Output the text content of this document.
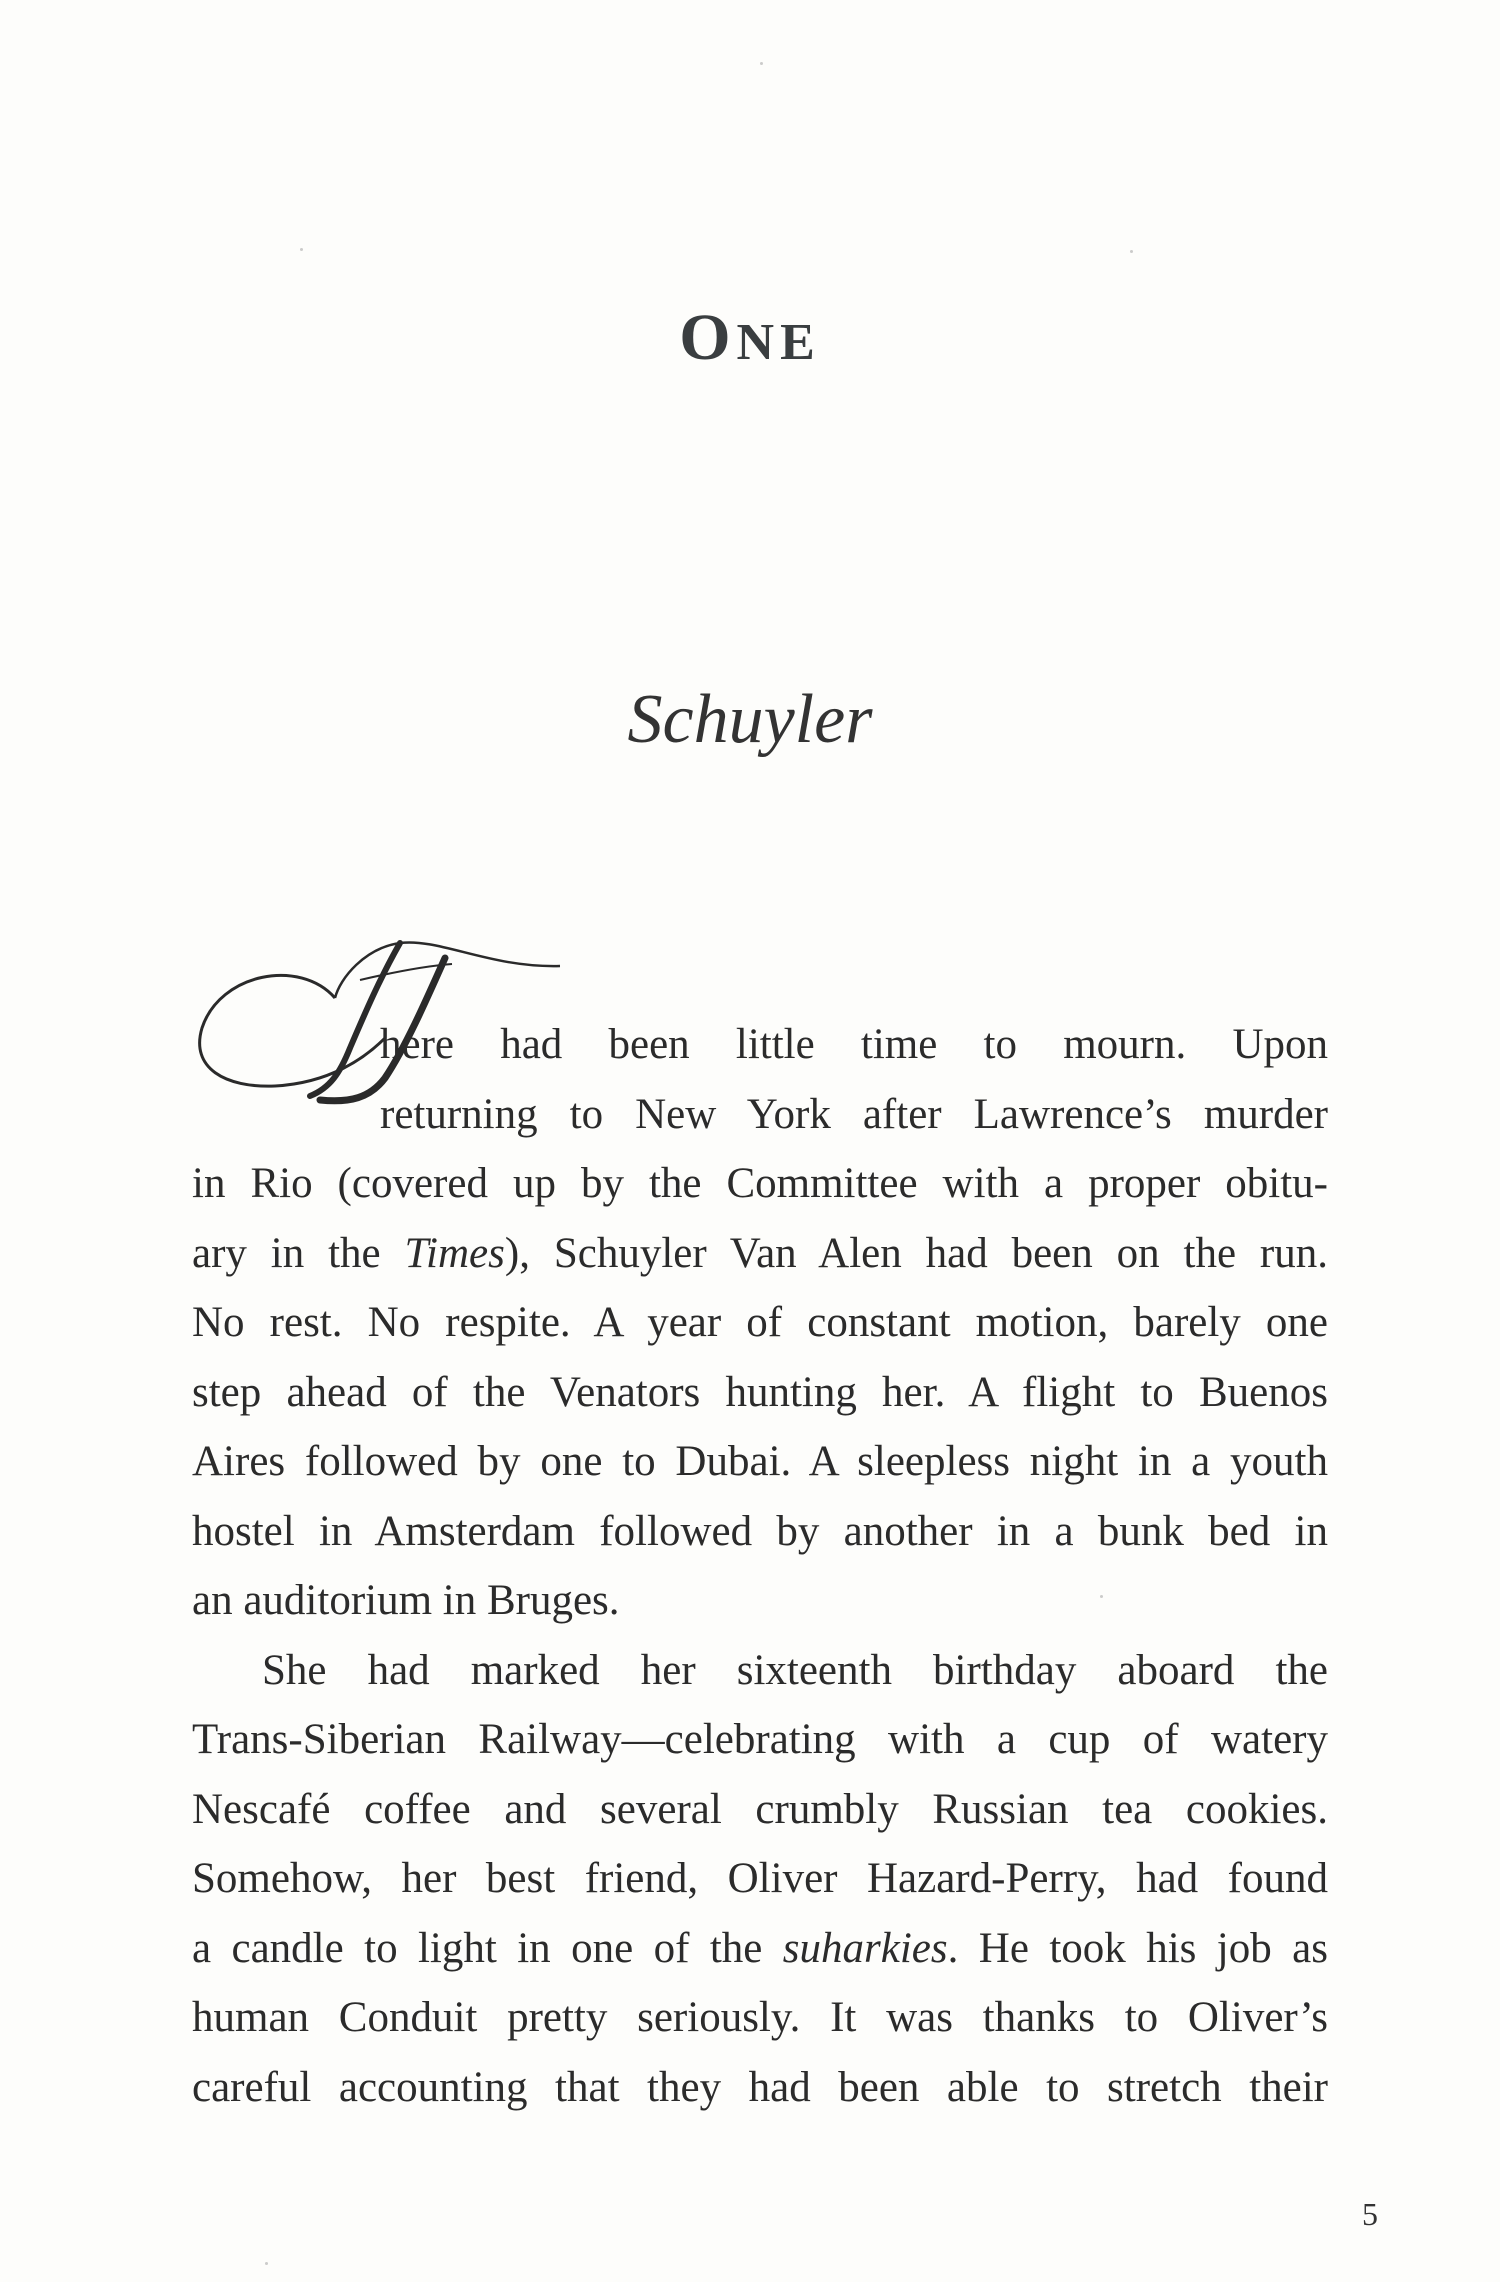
ONE
Schuyler
here had been little time to mourn. Upon
returning to New York after Lawrence’s murder
in Rio (covered up by the Committee with a proper obitu-
ary in the Times), Schuyler Van Alen had been on the run.
No rest. No respite. A year of constant motion, barely one
step ahead of the Venators hunting her. A flight to Buenos
Aires followed by one to Dubai. A sleepless night in a youth
hostel in Amsterdam followed by another in a bunk bed in
an auditorium in Bruges.
She had marked her sixteenth birthday aboard the
Trans-Siberian Railway—celebrating with a cup of watery
Nescafé coffee and several crumbly Russian tea cookies.
Somehow, her best friend, Oliver Hazard-Perry, had found
a candle to light in one of the suharkies. He took his job as
human Conduit pretty seriously. It was thanks to Oliver’s
careful accounting that they had been able to stretch their
5
